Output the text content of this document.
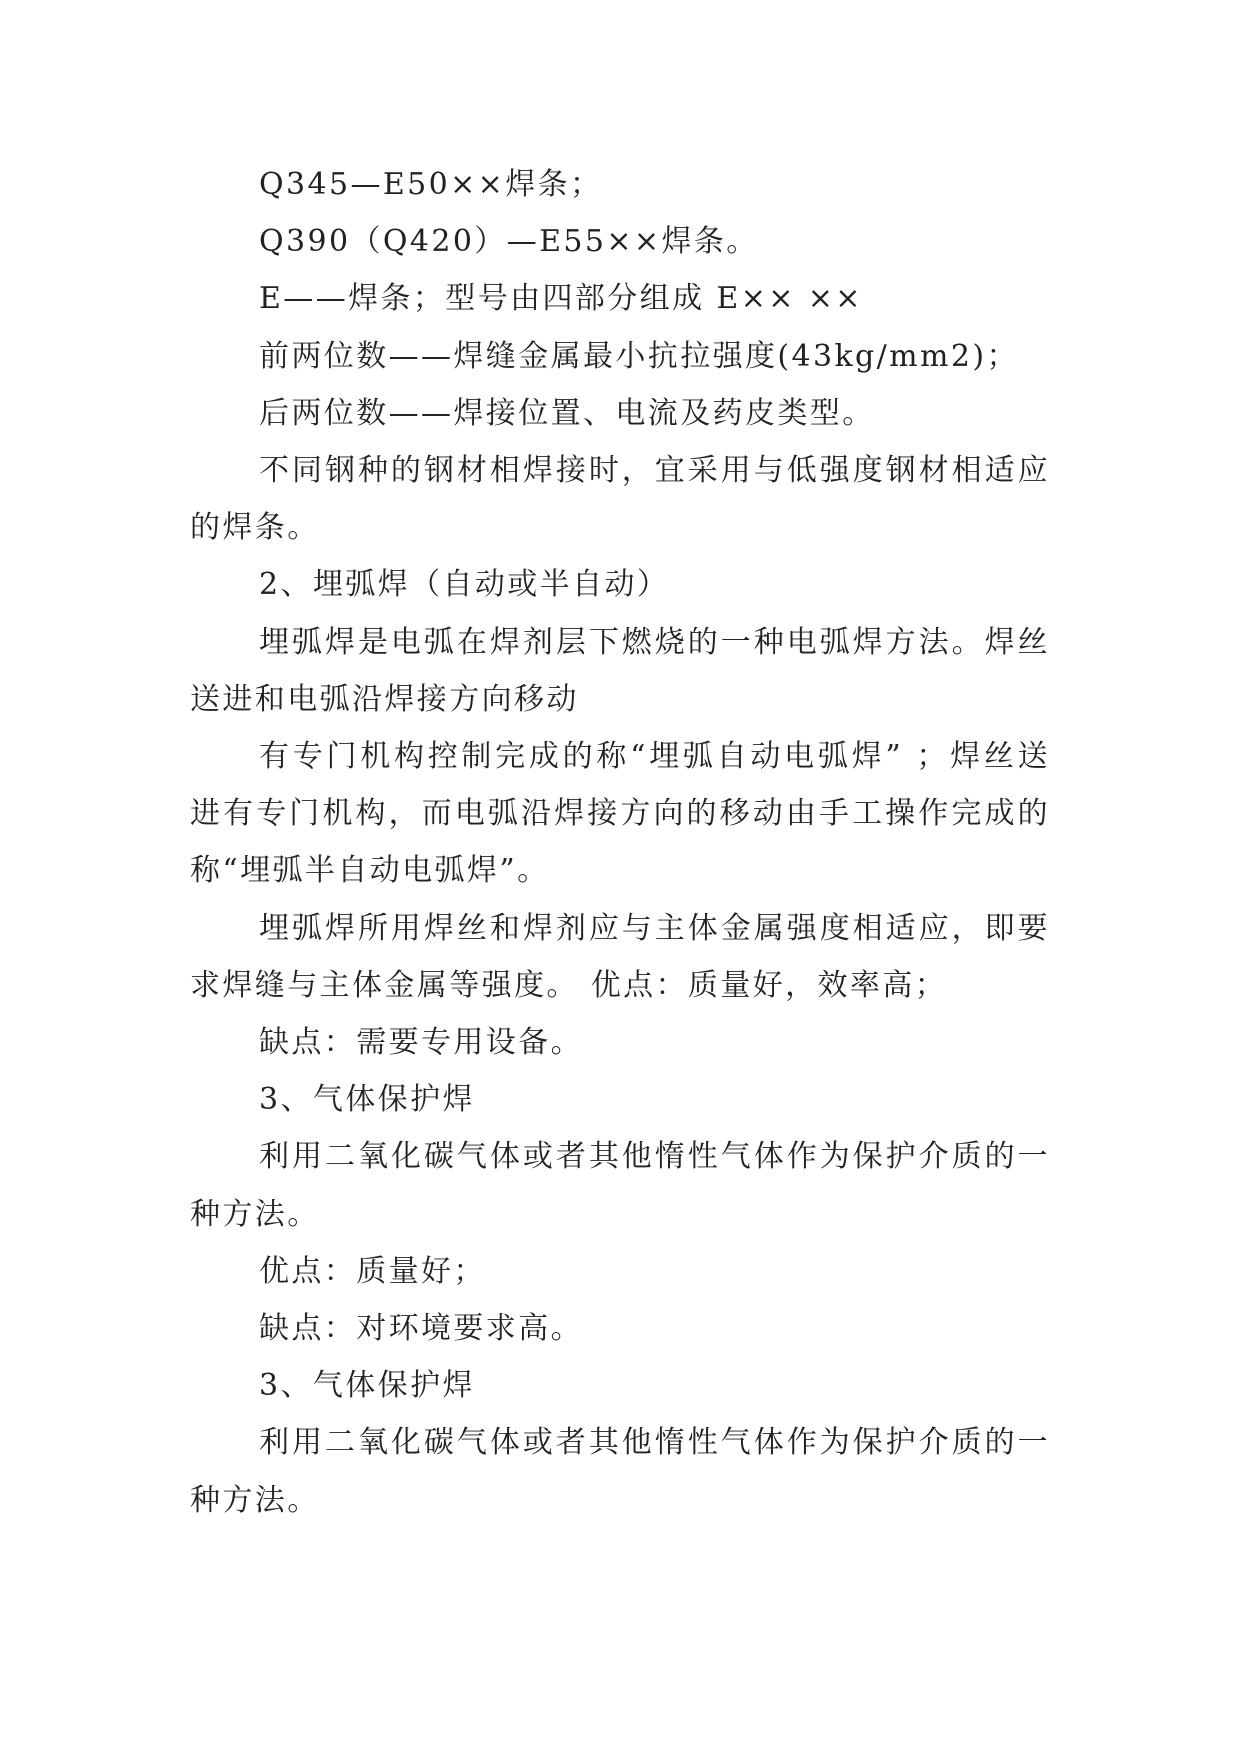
Q345—E50××焊条；

Q390（Q420）—E55××焊条。

E——焊条；型号由四部分组成 E×× ××

前两位数——焊缝金属最小抗拉强度(43kg/mm2)；

后两位数——焊接位置、电流及药皮类型。

不同钢种的钢材相焊接时，宜采用与低强度钢材相适应的焊条。

2、埋弧焊（自动或半自动）

埋弧焊是电弧在焊剂层下燃烧的一种电弧焊方法。焊丝送进和电弧沿焊接方向移动

有专门机构控制完成的称“埋弧自动电弧焊” ；焊丝送进有专门机构，而电弧沿焊接方向的移动由手工操作完成的称“埋弧半自动电弧焊”。

埋弧焊所用焊丝和焊剂应与主体金属强度相适应，即要求焊缝与主体金属等强度。 优点：质量好，效率高；

缺点：需要专用设备。

3、气体保护焊

利用二氧化碳气体或者其他惰性气体作为保护介质的一种方法。

优点：质量好；

缺点：对环境要求高。

3、气体保护焊

利用二氧化碳气体或者其他惰性气体作为保护介质的一种方法。
